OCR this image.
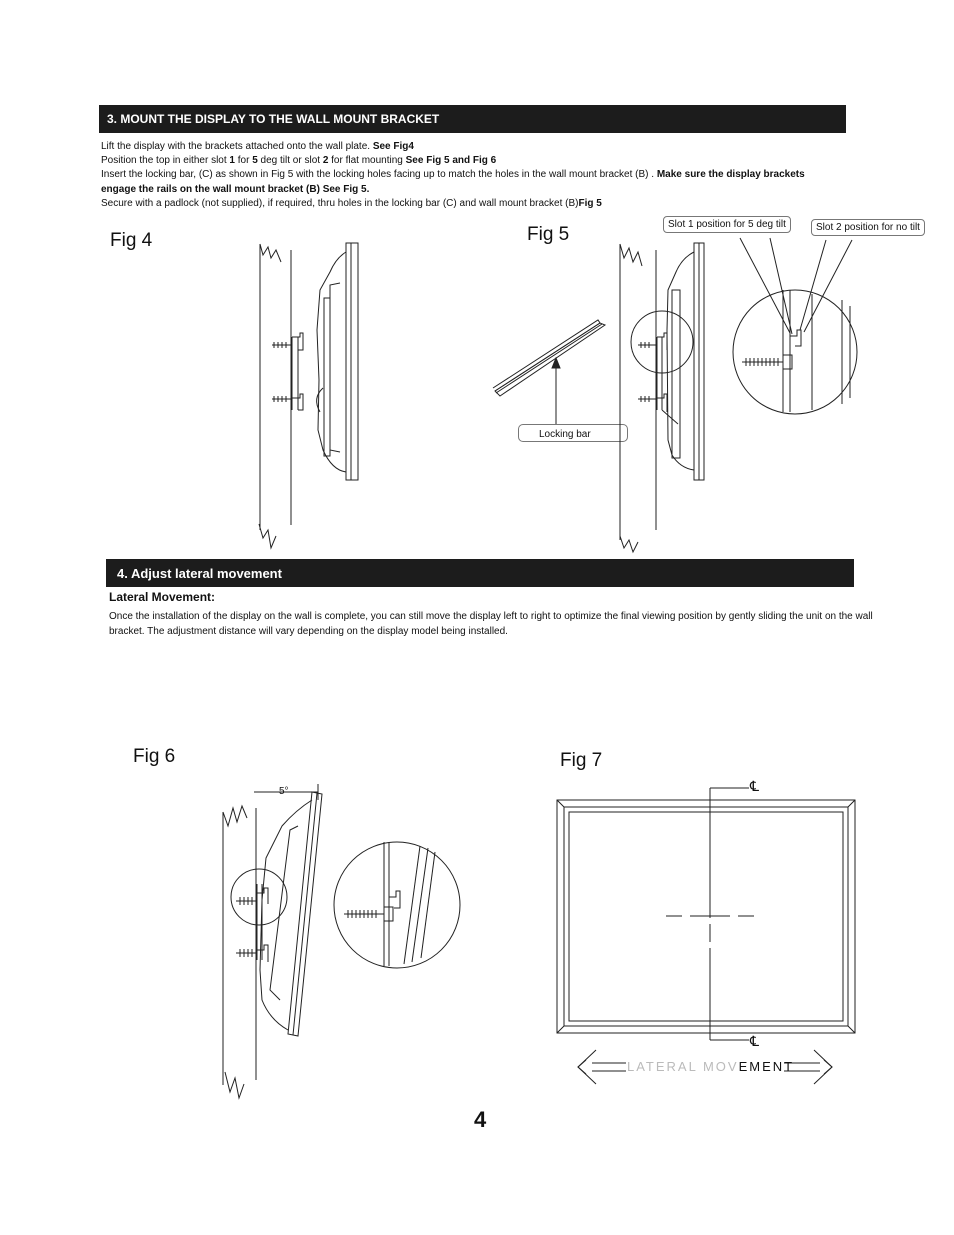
3. MOUNT THE DISPLAY TO THE WALL MOUNT BRACKET
Lift the display with the brackets attached onto the wall plate. See Fig4
Position the top in either slot 1 for 5 deg tilt or slot 2 for flat mounting See Fig 5 and Fig 6
Insert the locking bar, (C) as shown in Fig 5 with the locking holes facing up to match the holes in the wall mount bracket (B) . Make sure the display brackets
engage the rails on the wall mount bracket (B) See Fig 5.
Secure with a padlock (not supplied), if required, thru holes in the locking bar (C) and wall mount bracket (B)Fig 5
Fig 4	Fig 5
Fig 6	Fig 7
Slot 1 position for 5 deg tilt	Slot 2 position for no tilt
Locking bar
5°	℄
℄
LATERAL MOVEMENT
4. Adjust lateral movement
Lateral Movement:
Once the installation of the display on the wall is complete, you can still move the display left to right to optimize the final viewing position by gently sliding the unit on the wall
bracket. The adjustment distance will vary depending on the display model being installed.
4
